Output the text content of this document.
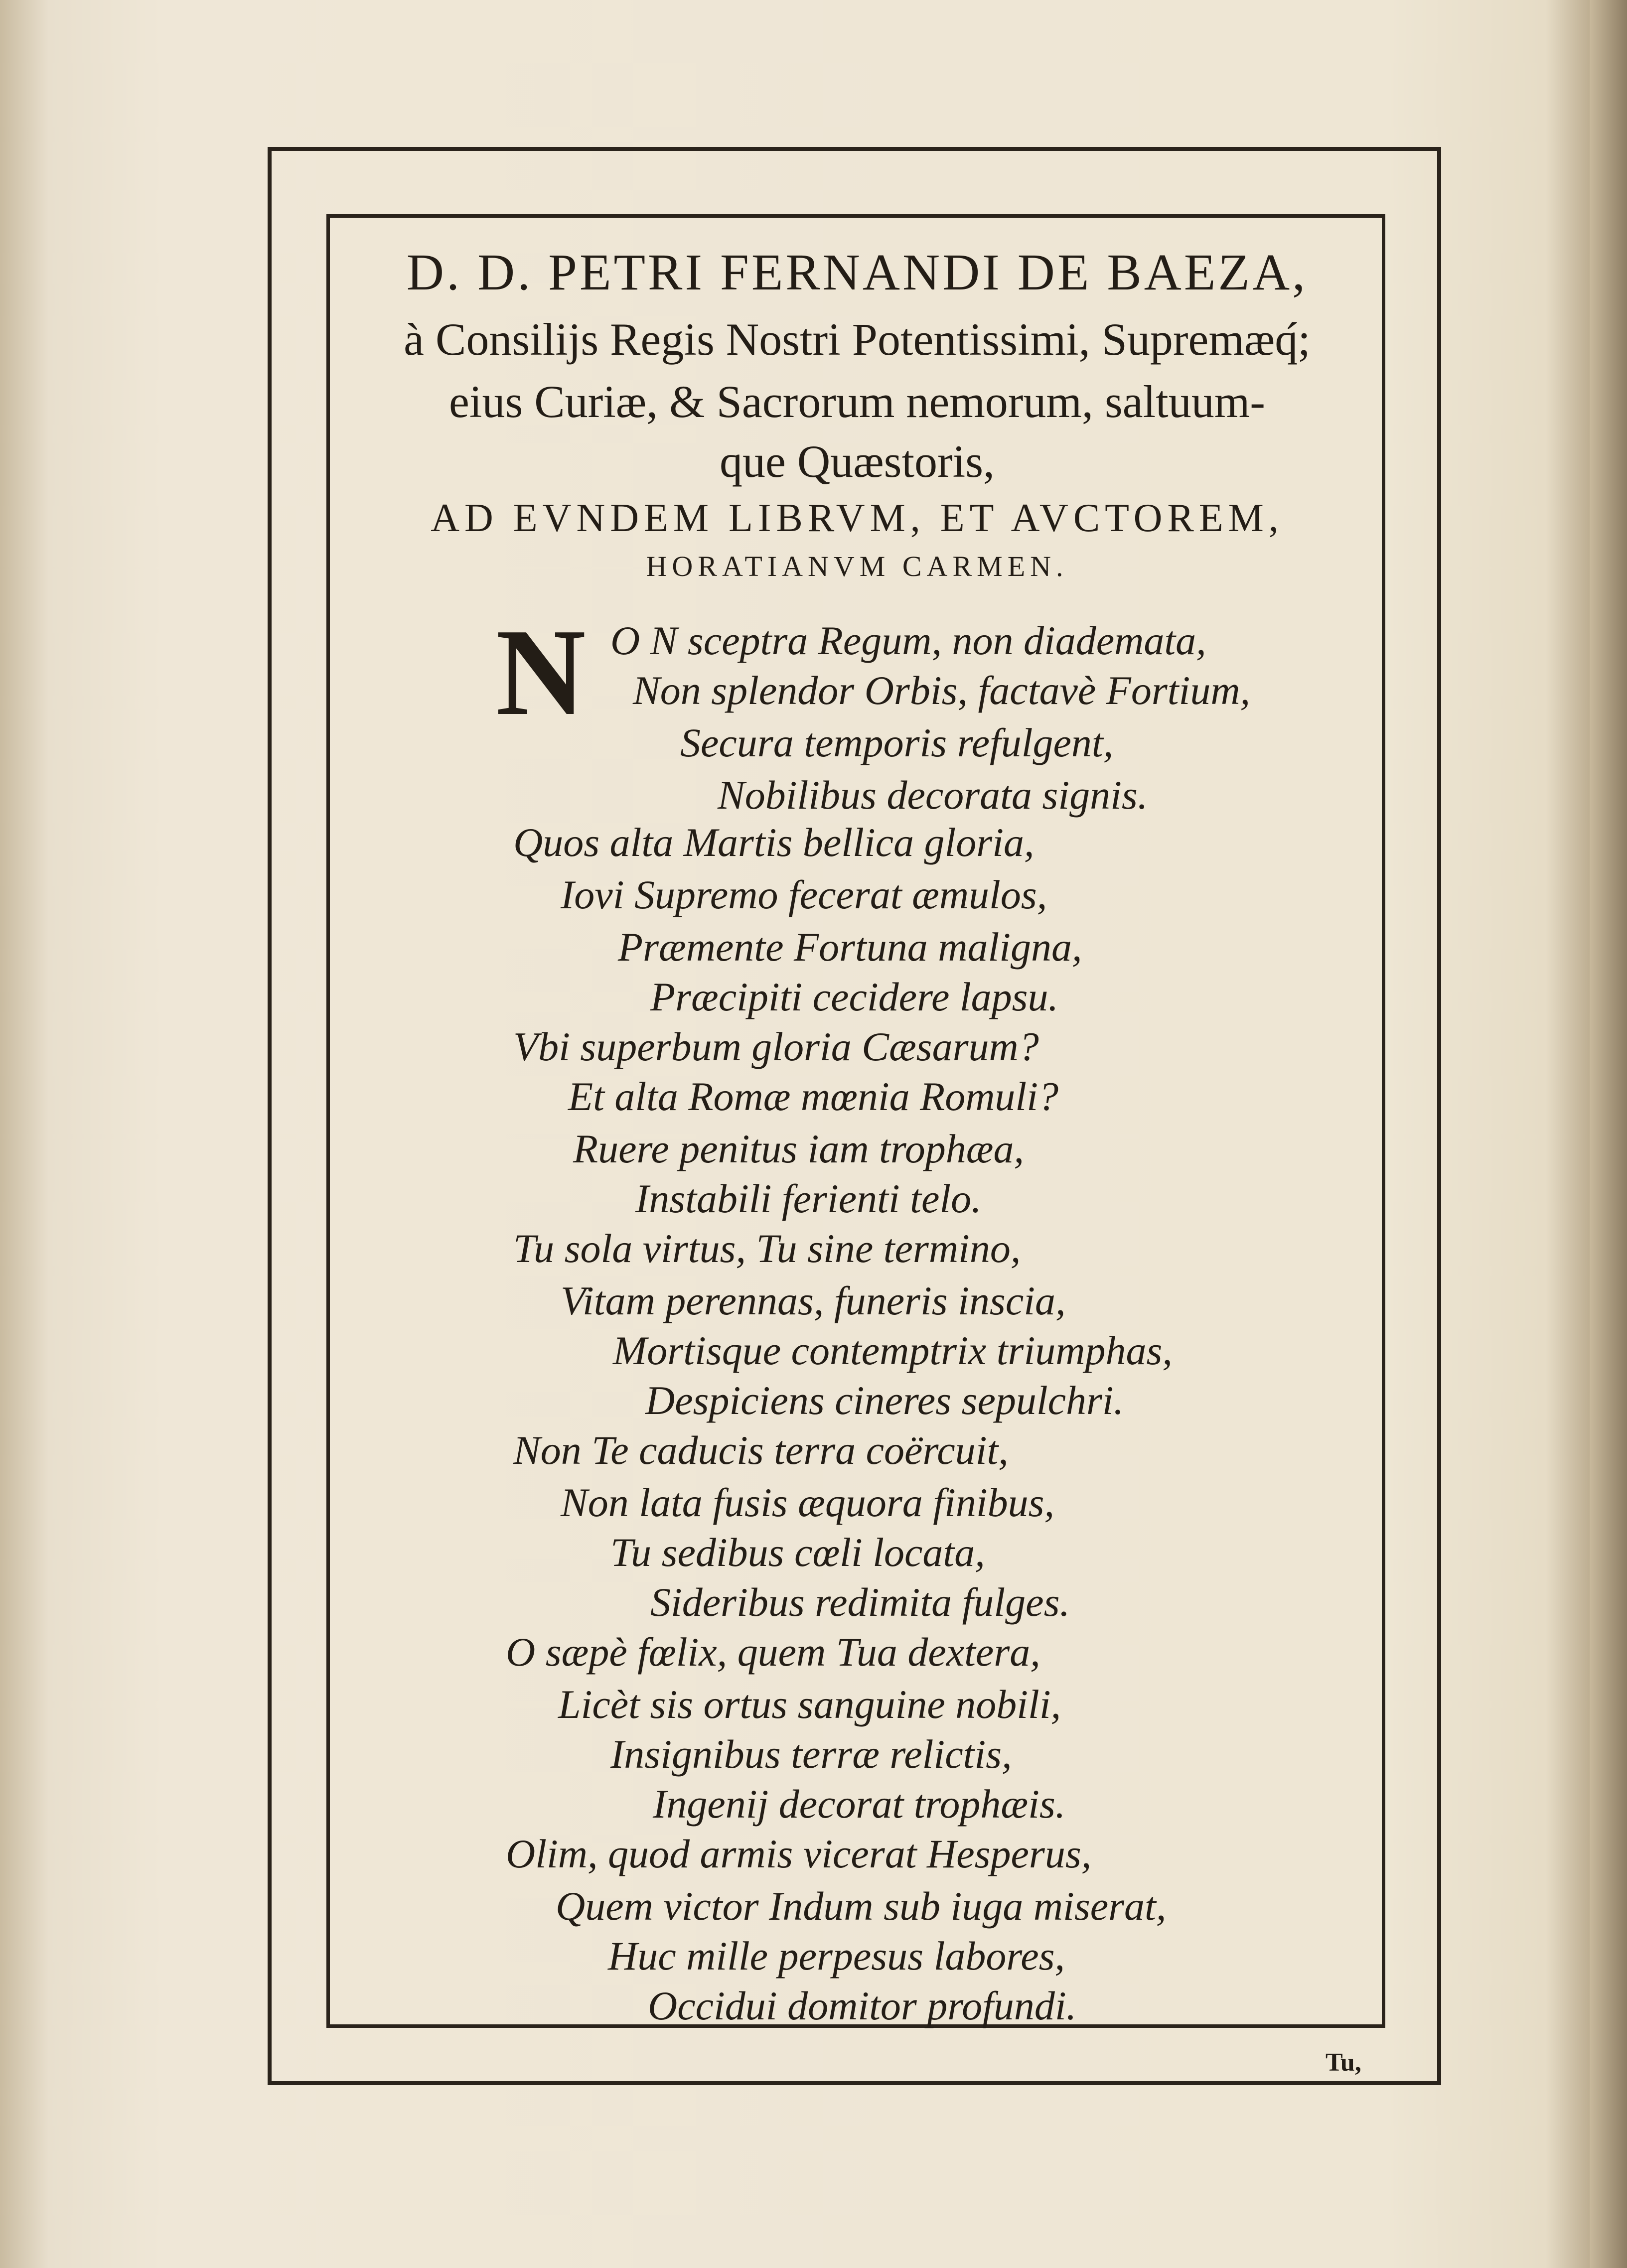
D. D. PETRI FERNANDI DE BAEZA,
à Consilijs Regis Nostri Potentissimi, Supremæq́;
eius Curiæ, & Sacrorum nemorum, saltuum-
que Quæstoris,
AD EVNDEM LIBRVM, ET AVCTOREM,
HORATIANVM CARMEN.
N O N sceptra Regum, non diademata,
Non splendor Orbis, factavè Fortium,
Secura temporis refulgent,
Nobilibus decorata signis.
Quos alta Martis bellica gloria,
Iovi Supremo fecerat æmulos,
Præmente Fortuna maligna,
Præcipiti cecidere lapsu.
Vbi superbum gloria Cæsarum?
Et alta Romæ mœnia Romuli?
Ruere penitus iam trophæa,
Instabili ferienti telo.
Tu sola virtus, Tu sine termino,
Vitam perennas, funeris inscia,
Mortisque contemptrix triumphas,
Despiciens cineres sepulchri.
Non Te caducis terra coërcuit,
Non lata fusis æquora finibus,
Tu sedibus cœli locata,
Sideribus redimita fulges.
O sæpè fœlix, quem Tua dextera,
Licèt sis ortus sanguine nobili,
Insignibus terræ relictis,
Ingenij decorat trophæis.
Olim, quod armis vicerat Hesperus,
Quem victor Indum sub iuga miserat,
Huc mille perpesus labores,
Occidui domitor profundi.
Tu,
